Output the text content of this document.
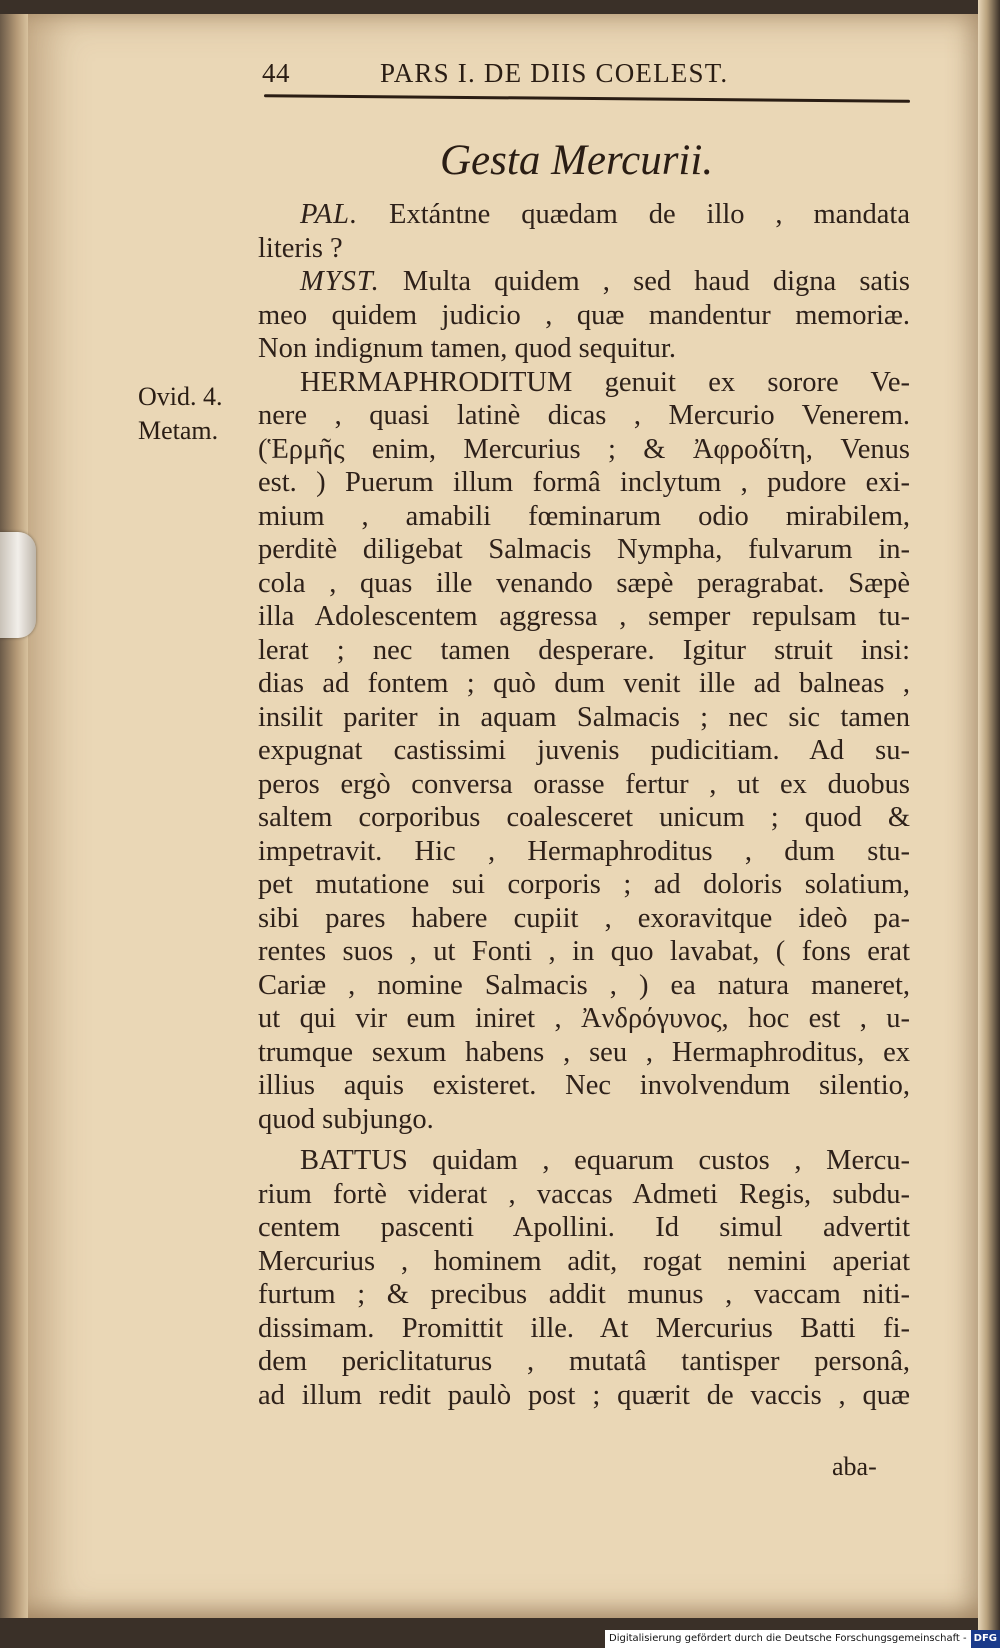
44	PARS I. DE DIIS COELEST.
Gesta Mercurii.
Ovid. 4.
Metam.
PAL. Extántne quædam de illo , mandata
literis ?
MYST. Multa quidem , sed haud digna satis
meo quidem judicio , quæ mandentur memoriæ.
Non indignum tamen, quod sequitur.
HERMAPHRODITUM genuit ex sorore Ve-
nere , quasi latinè dicas , Mercurio Venerem.
(Ἑρμῆς enim, Mercurius ; & Ἀφροδίτη, Venus
est. ) Puerum illum formâ inclytum , pudore exi-
mium , amabili fœminarum odio mirabilem,
perditè diligebat Salmacis Nympha, fulvarum in-
cola , quas ille venando sæpè peragrabat. Sæpè
illa Adolescentem aggressa , semper repulsam tu-
lerat ; nec tamen desperare. Igitur struit insi:
dias ad fontem ; quò dum venit ille ad balneas ,
insilit pariter in aquam Salmacis ; nec sic tamen
expugnat castissimi juvenis pudicitiam. Ad su-
peros ergò conversa orasse fertur , ut ex duobus
saltem corporibus coalesceret unicum ; quod &
impetravit. Hic , Hermaphroditus , dum stu-
pet mutatione sui corporis ; ad doloris solatium,
sibi pares habere cupiit , exoravitque ideò pa-
rentes suos , ut Fonti , in quo lavabat, ( fons erat
Cariæ , nomine Salmacis , ) ea natura maneret,
ut qui vir eum iniret , Ἀνδρόγυνος, hoc est , u-
trumque sexum habens , seu , Hermaphroditus, ex
illius aquis existeret. Nec involvendum silentio,
quod subjungo.
BATTUS quidam , equarum custos , Mercu-
rium fortè viderat , vaccas Admeti Regis, subdu-
centem pascenti Apollini. Id simul advertit
Mercurius , hominem adit, rogat nemini aperiat
furtum ; & precibus addit munus , vaccam niti-
dissimam. Promittit ille. At Mercurius Batti fi-
dem periclitaturus , mutatâ tantisper personâ,
ad illum redit paulò post ; quærit de vaccis , quæ
aba-
Digitalisierung gefördert durch die Deutsche Forschungsgemeinschaft - DFG
